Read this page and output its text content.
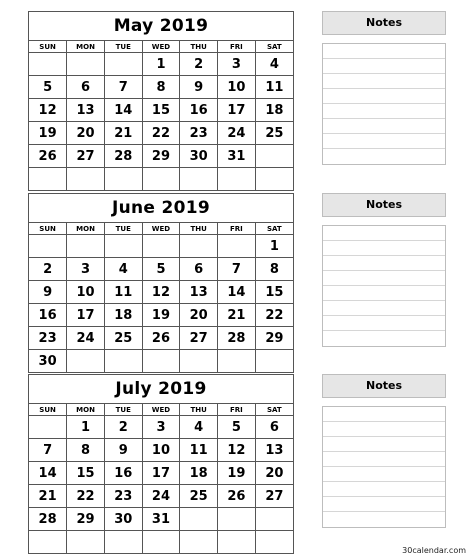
May 2019
SUN	MON	TUE	WED	THU	FRI	SAT
			1	2	3	4
5	6	7	8	9	10	11
12	13	14	15	16	17	18
19	20	21	22	23	24	25
26	27	28	29	30	31	

Notes
June 2019
SUN	MON	TUE	WED	THU	FRI	SAT
						1
2	3	4	5	6	7	8
9	10	11	12	13	14	15
16	17	18	19	20	21	22
23	24	25	26	27	28	29
30						
Notes
July 2019
SUN	MON	TUE	WED	THU	FRI	SAT
	1	2	3	4	5	6
7	8	9	10	11	12	13
14	15	16	17	18	19	20
21	22	23	24	25	26	27
28	29	30	31			

Notes
30calendar.com
